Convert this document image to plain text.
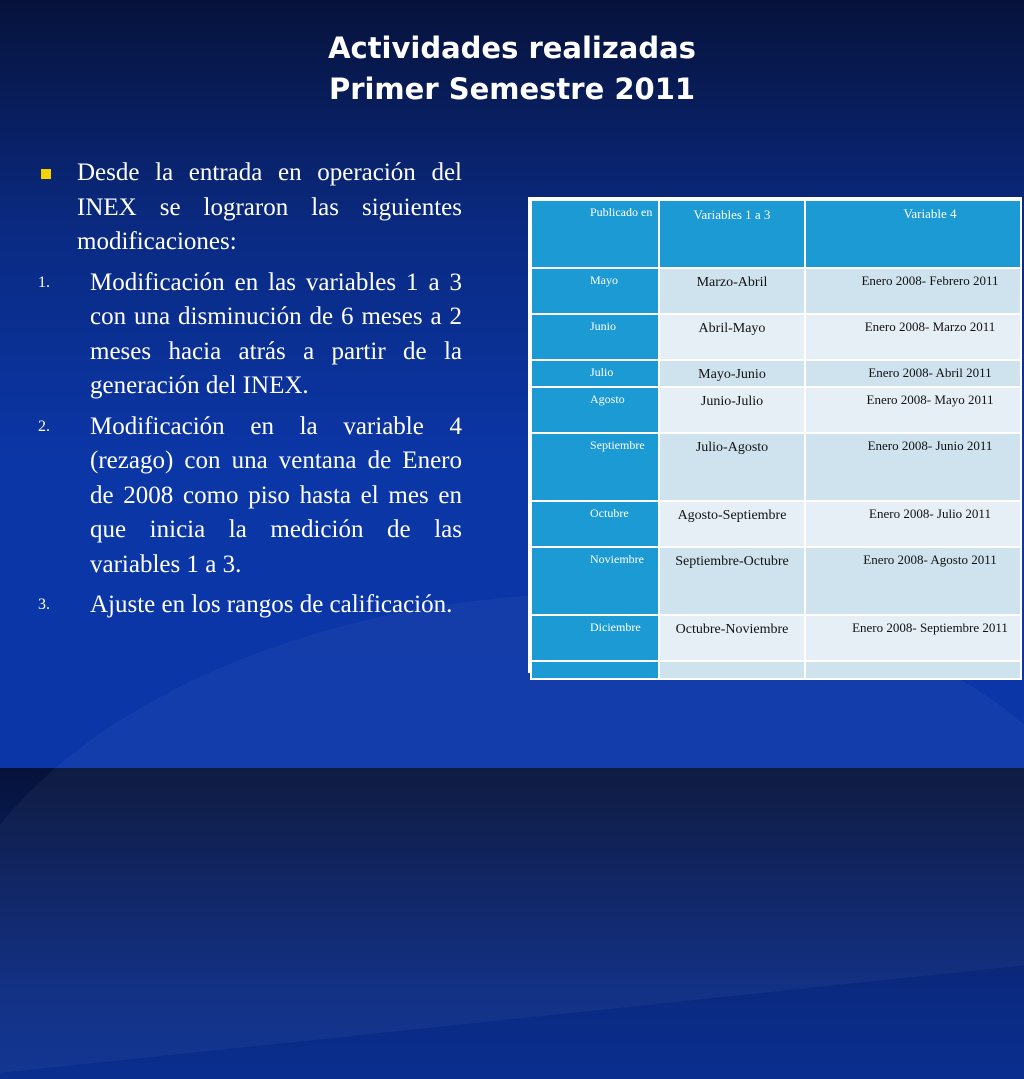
Actividades realizadas
Primer Semestre 2011
Desde la entrada en operación del INEX se lograron las siguientes modificaciones:
1. Modificación en las variables 1 a 3 con una disminución de 6 meses a 2 meses hacia atrás a partir de la generación del INEX.
2. Modificación en la variable 4 (rezago) con una ventana de Enero de 2008 como piso hasta el mes en que inicia la medición de las variables 1 a 3.
3. Ajuste en los rangos de calificación.
Publicado en	Variables 1 a 3	Variable 4
Mayo	Marzo-Abril	Enero 2008- Febrero 2011
Junio	Abril-Mayo	Enero 2008- Marzo 2011
Julio	Mayo-Junio	Enero 2008- Abril 2011
Agosto	Junio-Julio	Enero 2008- Mayo 2011
Septiembre	Julio-Agosto	Enero 2008- Junio 2011
Octubre	Agosto-Septiembre	Enero 2008- Julio 2011
Noviembre	Septiembre-Octubre	Enero 2008- Agosto 2011
Diciembre	Octubre-Noviembre	Enero 2008- Septiembre 2011
